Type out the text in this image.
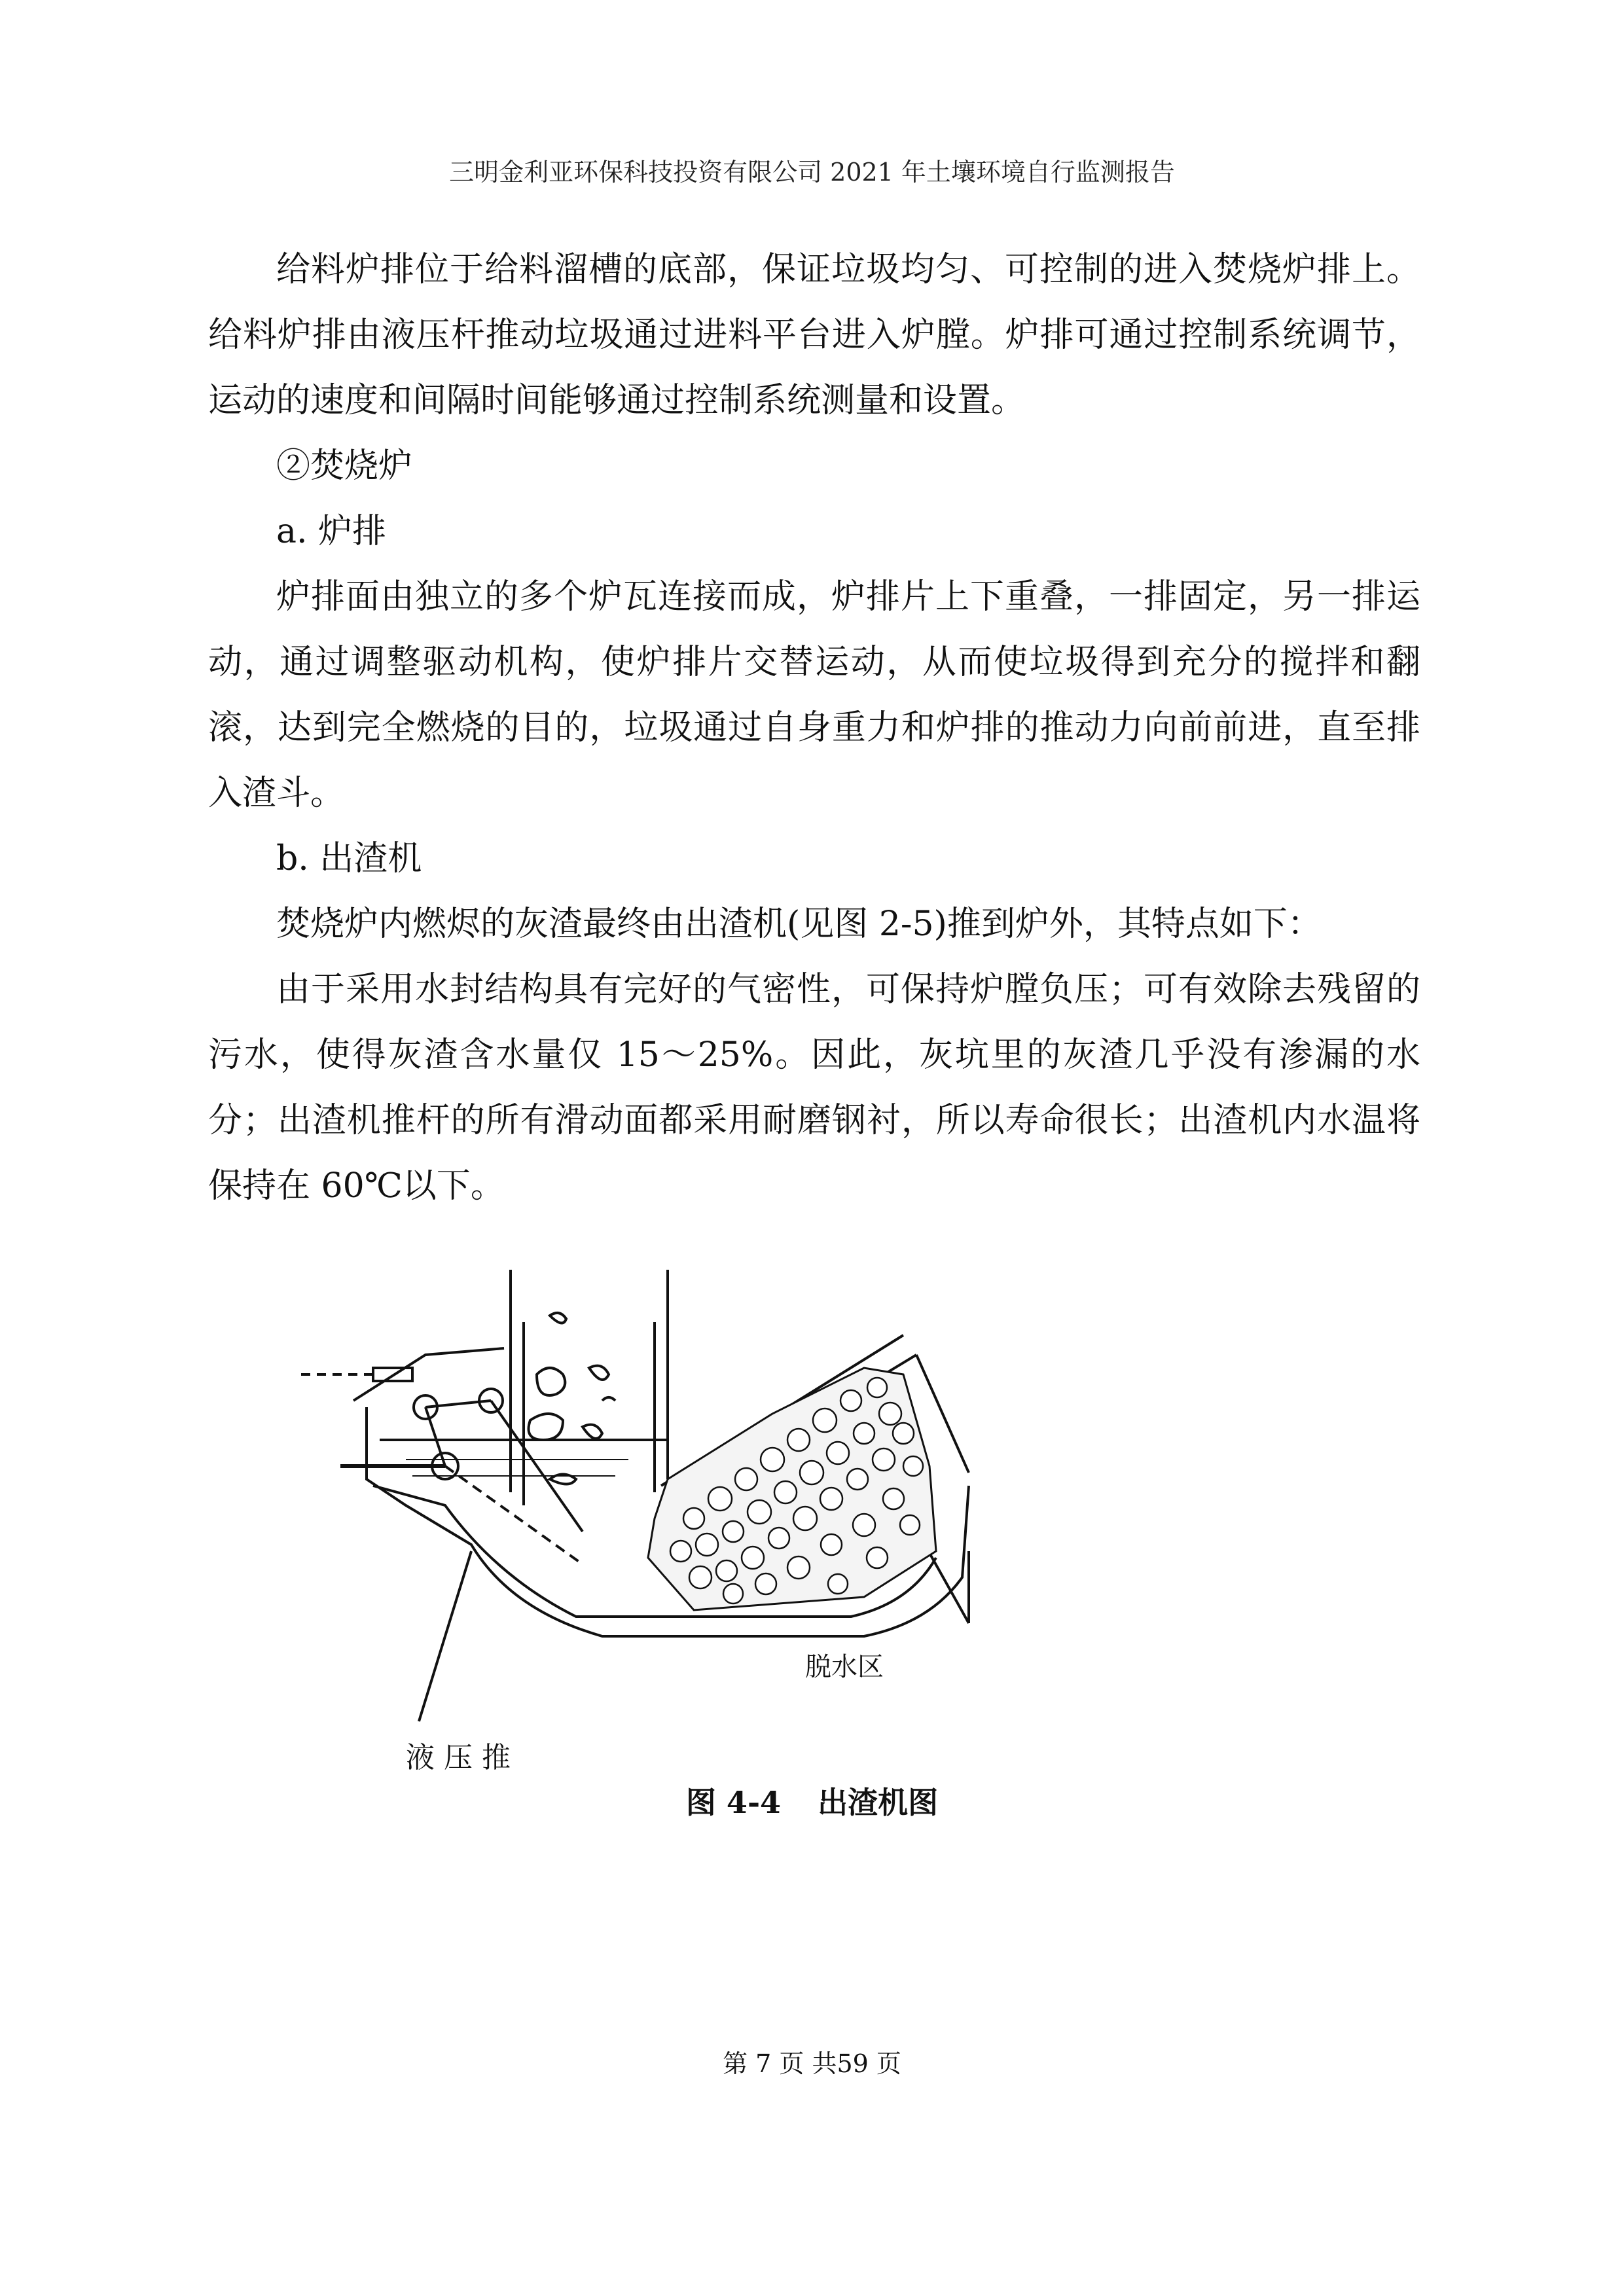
三明金利亚环保科技投资有限公司 2021 年土壤环境自行监测报告

给料炉排位于给料溜槽的底部，保证垃圾均匀、可控制的进入焚烧炉排上。给料炉排由液压杆推动垃圾通过进料平台进入炉膛。炉排可通过控制系统调节，运动的速度和间隔时间能够通过控制系统测量和设置。

②焚烧炉

a. 炉排

炉排面由独立的多个炉瓦连接而成，炉排片上下重叠，一排固定，另一排运动，通过调整驱动机构，使炉排片交替运动，从而使垃圾得到充分的搅拌和翻滚，达到完全燃烧的目的，垃圾通过自身重力和炉排的推动力向前前进，直至排入渣斗。

b. 出渣机

焚烧炉内燃烬的灰渣最终由出渣机(见图 2-5)推到炉外，其特点如下：

由于采用水封结构具有完好的气密性，可保持炉膛负压；可有效除去残留的污水，使得灰渣含水量仅 15～25%。因此，灰坑里的灰渣几乎没有渗漏的水分；出渣机推杆的所有滑动面都采用耐磨钢衬，所以寿命很长；出渣机内水温将保持在 60℃以下。

脱水区
液 压 推
图 4-4 出渣机图
第 7 页 共59 页
